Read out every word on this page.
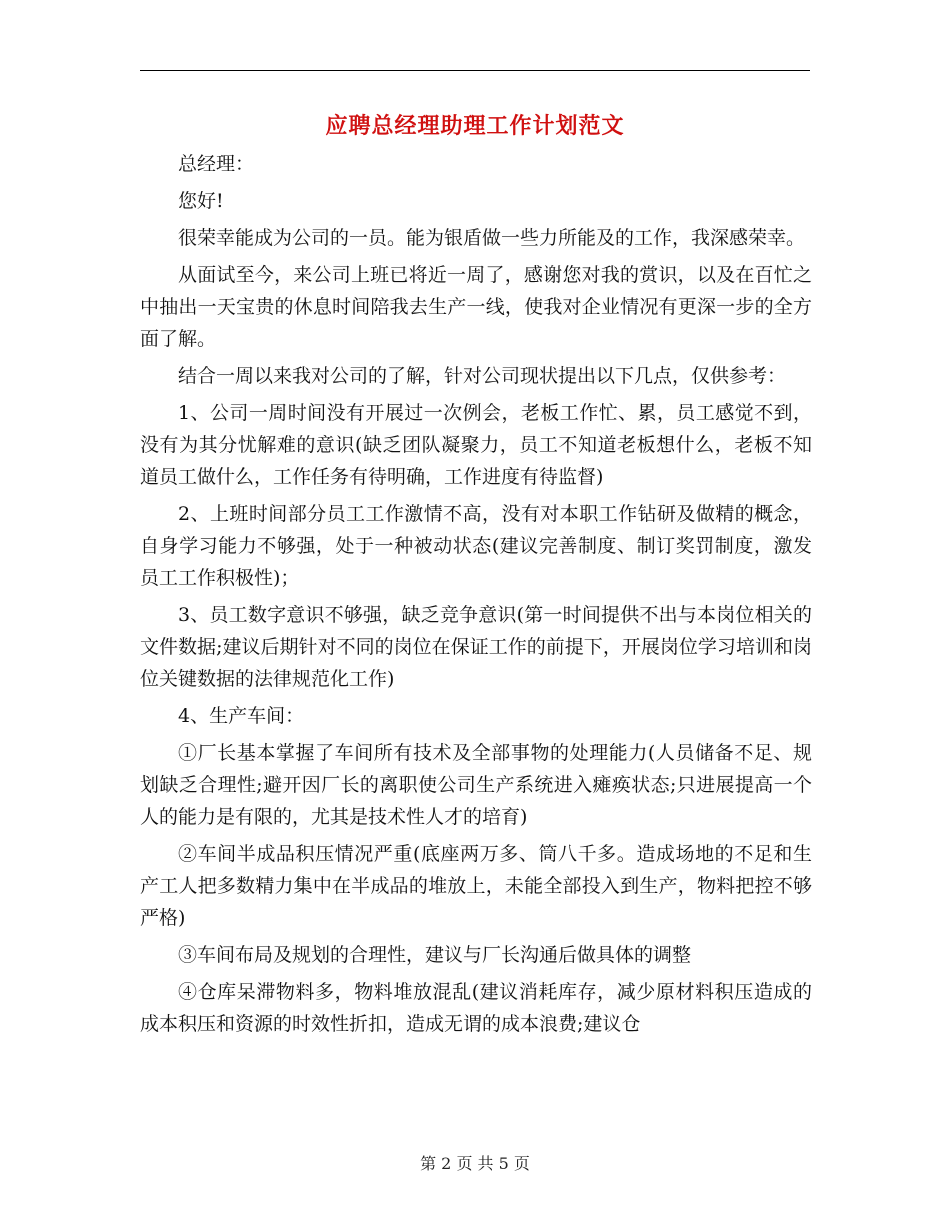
应聘总经理助理工作计划范文

总经理：

您好!

很荣幸能成为公司的一员。能为银盾做一些力所能及的工作，我深感荣幸。

从面试至今，来公司上班已将近一周了，感谢您对我的赏识，以及在百忙之中抽出一天宝贵的休息时间陪我去生产一线，使我对企业情况有更深一步的全方面了解。

结合一周以来我对公司的了解，针对公司现状提出以下几点，仅供参考：

1、公司一周时间没有开展过一次例会，老板工作忙、累，员工感觉不到，没有为其分忧解难的意识(缺乏团队凝聚力，员工不知道老板想什么，老板不知道员工做什么，工作任务有待明确，工作进度有待监督)

2、上班时间部分员工工作激情不高，没有对本职工作钻研及做精的概念，自身学习能力不够强，处于一种被动状态(建议完善制度、制订奖罚制度，激发员工工作积极性)；

3、员工数字意识不够强，缺乏竞争意识(第一时间提供不出与本岗位相关的文件数据;建议后期针对不同的岗位在保证工作的前提下，开展岗位学习培训和岗位关键数据的法律规范化工作)

4、生产车间：

①厂长基本掌握了车间所有技术及全部事物的处理能力(人员储备不足、规划缺乏合理性;避开因厂长的离职使公司生产系统进入瘫痪状态;只进展提高一个人的能力是有限的，尤其是技术性人才的培育)

②车间半成品积压情况严重(底座两万多、筒八千多。造成场地的不足和生产工人把多数精力集中在半成品的堆放上，未能全部投入到生产，物料把控不够严格)

③车间布局及规划的合理性，建议与厂长沟通后做具体的调整

④仓库呆滞物料多，物料堆放混乱(建议消耗库存，减少原材料积压造成的成本积压和资源的时效性折扣，造成无谓的成本浪费;建议仓

第 2 页 共 5 页
